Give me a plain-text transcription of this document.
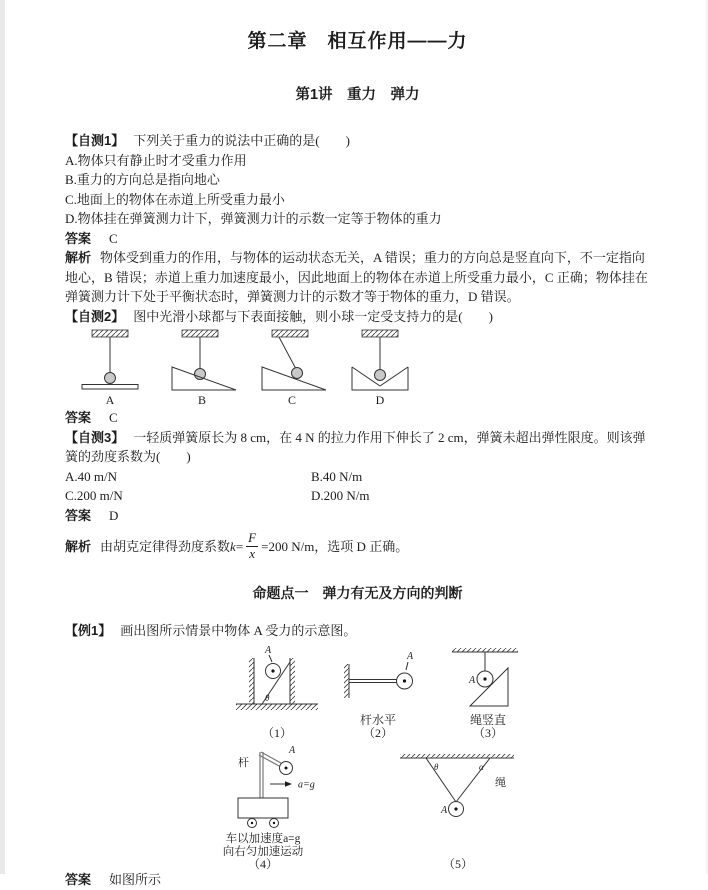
第二章　相互作用——力
第1讲　重力　弹力

【自测1】 下列关于重力的说法中正确的是(　　)

A.物体只有静止时才受重力作用

B.重力的方向总是指向地心

C.地面上的物体在赤道上所受重力最小

D.物体挂在弹簧测力计下，弹簧测力计的示数一定等于物体的重力

答案 C

解析 物体受到重力的作用，与物体的运动状态无关，A 错误；重力的方向总是竖直向下，不一定指向地心，B 错误；赤道上重力加速度最小，因此地面上的物体在赤道上所受重力最小，C 正确；物体挂在弹簧测力计下处于平衡状态时，弹簧测力计的示数才等于物体的重力，D 错误。

【自测2】 图中光滑小球都与下表面接触，则小球一定受支持力的是(　　)

A	B	C	D

答案 C

【自测3】 一轻质弹簧原长为 8 cm，在 4 N 的拉力作用下伸长了 2 cm，弹簧未超出弹性限度。则该弹簧的劲度系数为(　　)

A.40 m/N	B.40 N/m

C.200 m/N	D.200 N/m

答案 D

解析 由胡克定律得劲度系数 $k = \frac{F}{x} =200$ N/m，选项 D 正确。

命题点一　弹力有无及方向的判断

【例1】 画出图所示情景中物体 A 受力的示意图。

A
θ
（1）
A
杆水平
（2）
A
绳竖直
（3）
杆
A
a=g
车以加速度a=g
向右匀加速运动
（4）
θ	α
绳
A
（5）

答案 如图所示
